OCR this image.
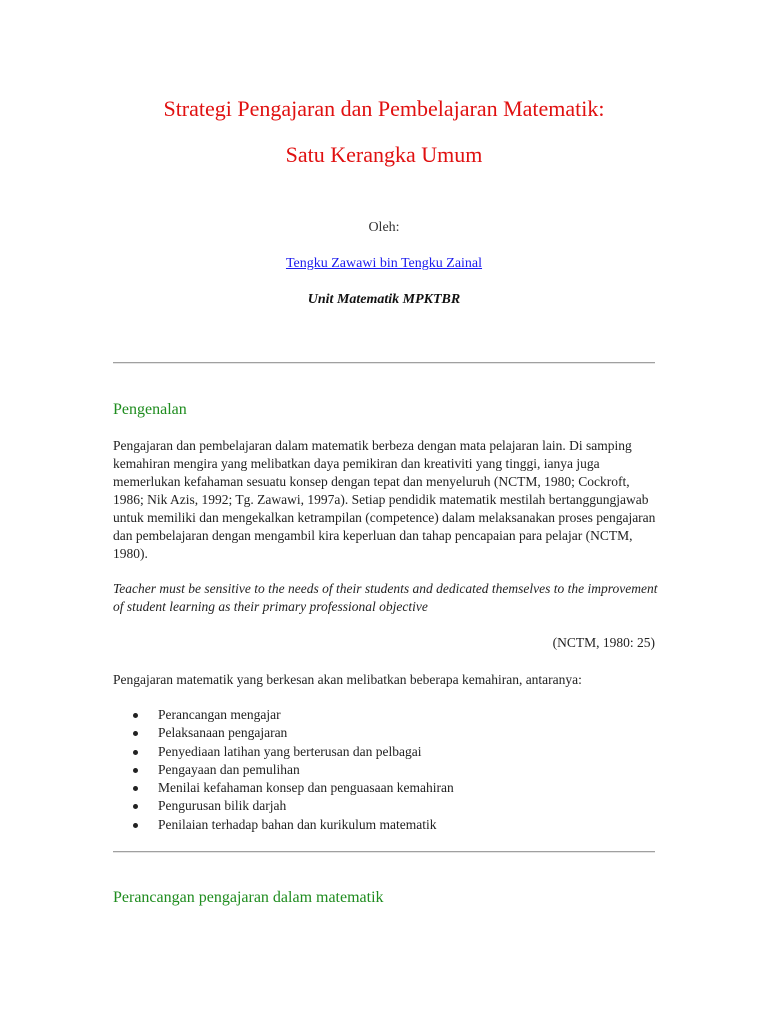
Strategi Pengajaran dan Pembelajaran Matematik:
Satu Kerangka Umum
Oleh:
Tengku Zawawi bin Tengku Zainal
Unit Matematik MPKTBR
Pengenalan
Pengajaran dan pembelajaran dalam matematik berbeza dengan mata pelajaran lain. Di samping kemahiran mengira yang melibatkan daya pemikiran dan kreativiti yang tinggi, ianya juga memerlukan kefahaman sesuatu konsep dengan tepat dan menyeluruh (NCTM, 1980; Cockroft, 1986; Nik Azis, 1992; Tg. Zawawi, 1997a). Setiap pendidik matematik mestilah bertanggungjawab untuk memiliki dan mengekalkan ketrampilan (competence) dalam melaksanakan proses pengajaran dan pembelajaran dengan mengambil kira keperluan dan tahap pencapaian para pelajar (NCTM, 1980).
Teacher must be sensitive to the needs of their students and dedicated themselves to the improvement of student learning as their primary professional objective
(NCTM, 1980: 25)
Pengajaran matematik yang berkesan akan melibatkan beberapa kemahiran, antaranya:
Perancangan mengajar
Pelaksanaan pengajaran
Penyediaan latihan yang berterusan dan pelbagai
Pengayaan dan pemulihan
Menilai kefahaman konsep dan penguasaan kemahiran
Pengurusan bilik darjah
Penilaian terhadap bahan dan kurikulum matematik
Perancangan pengajaran dalam matematik
